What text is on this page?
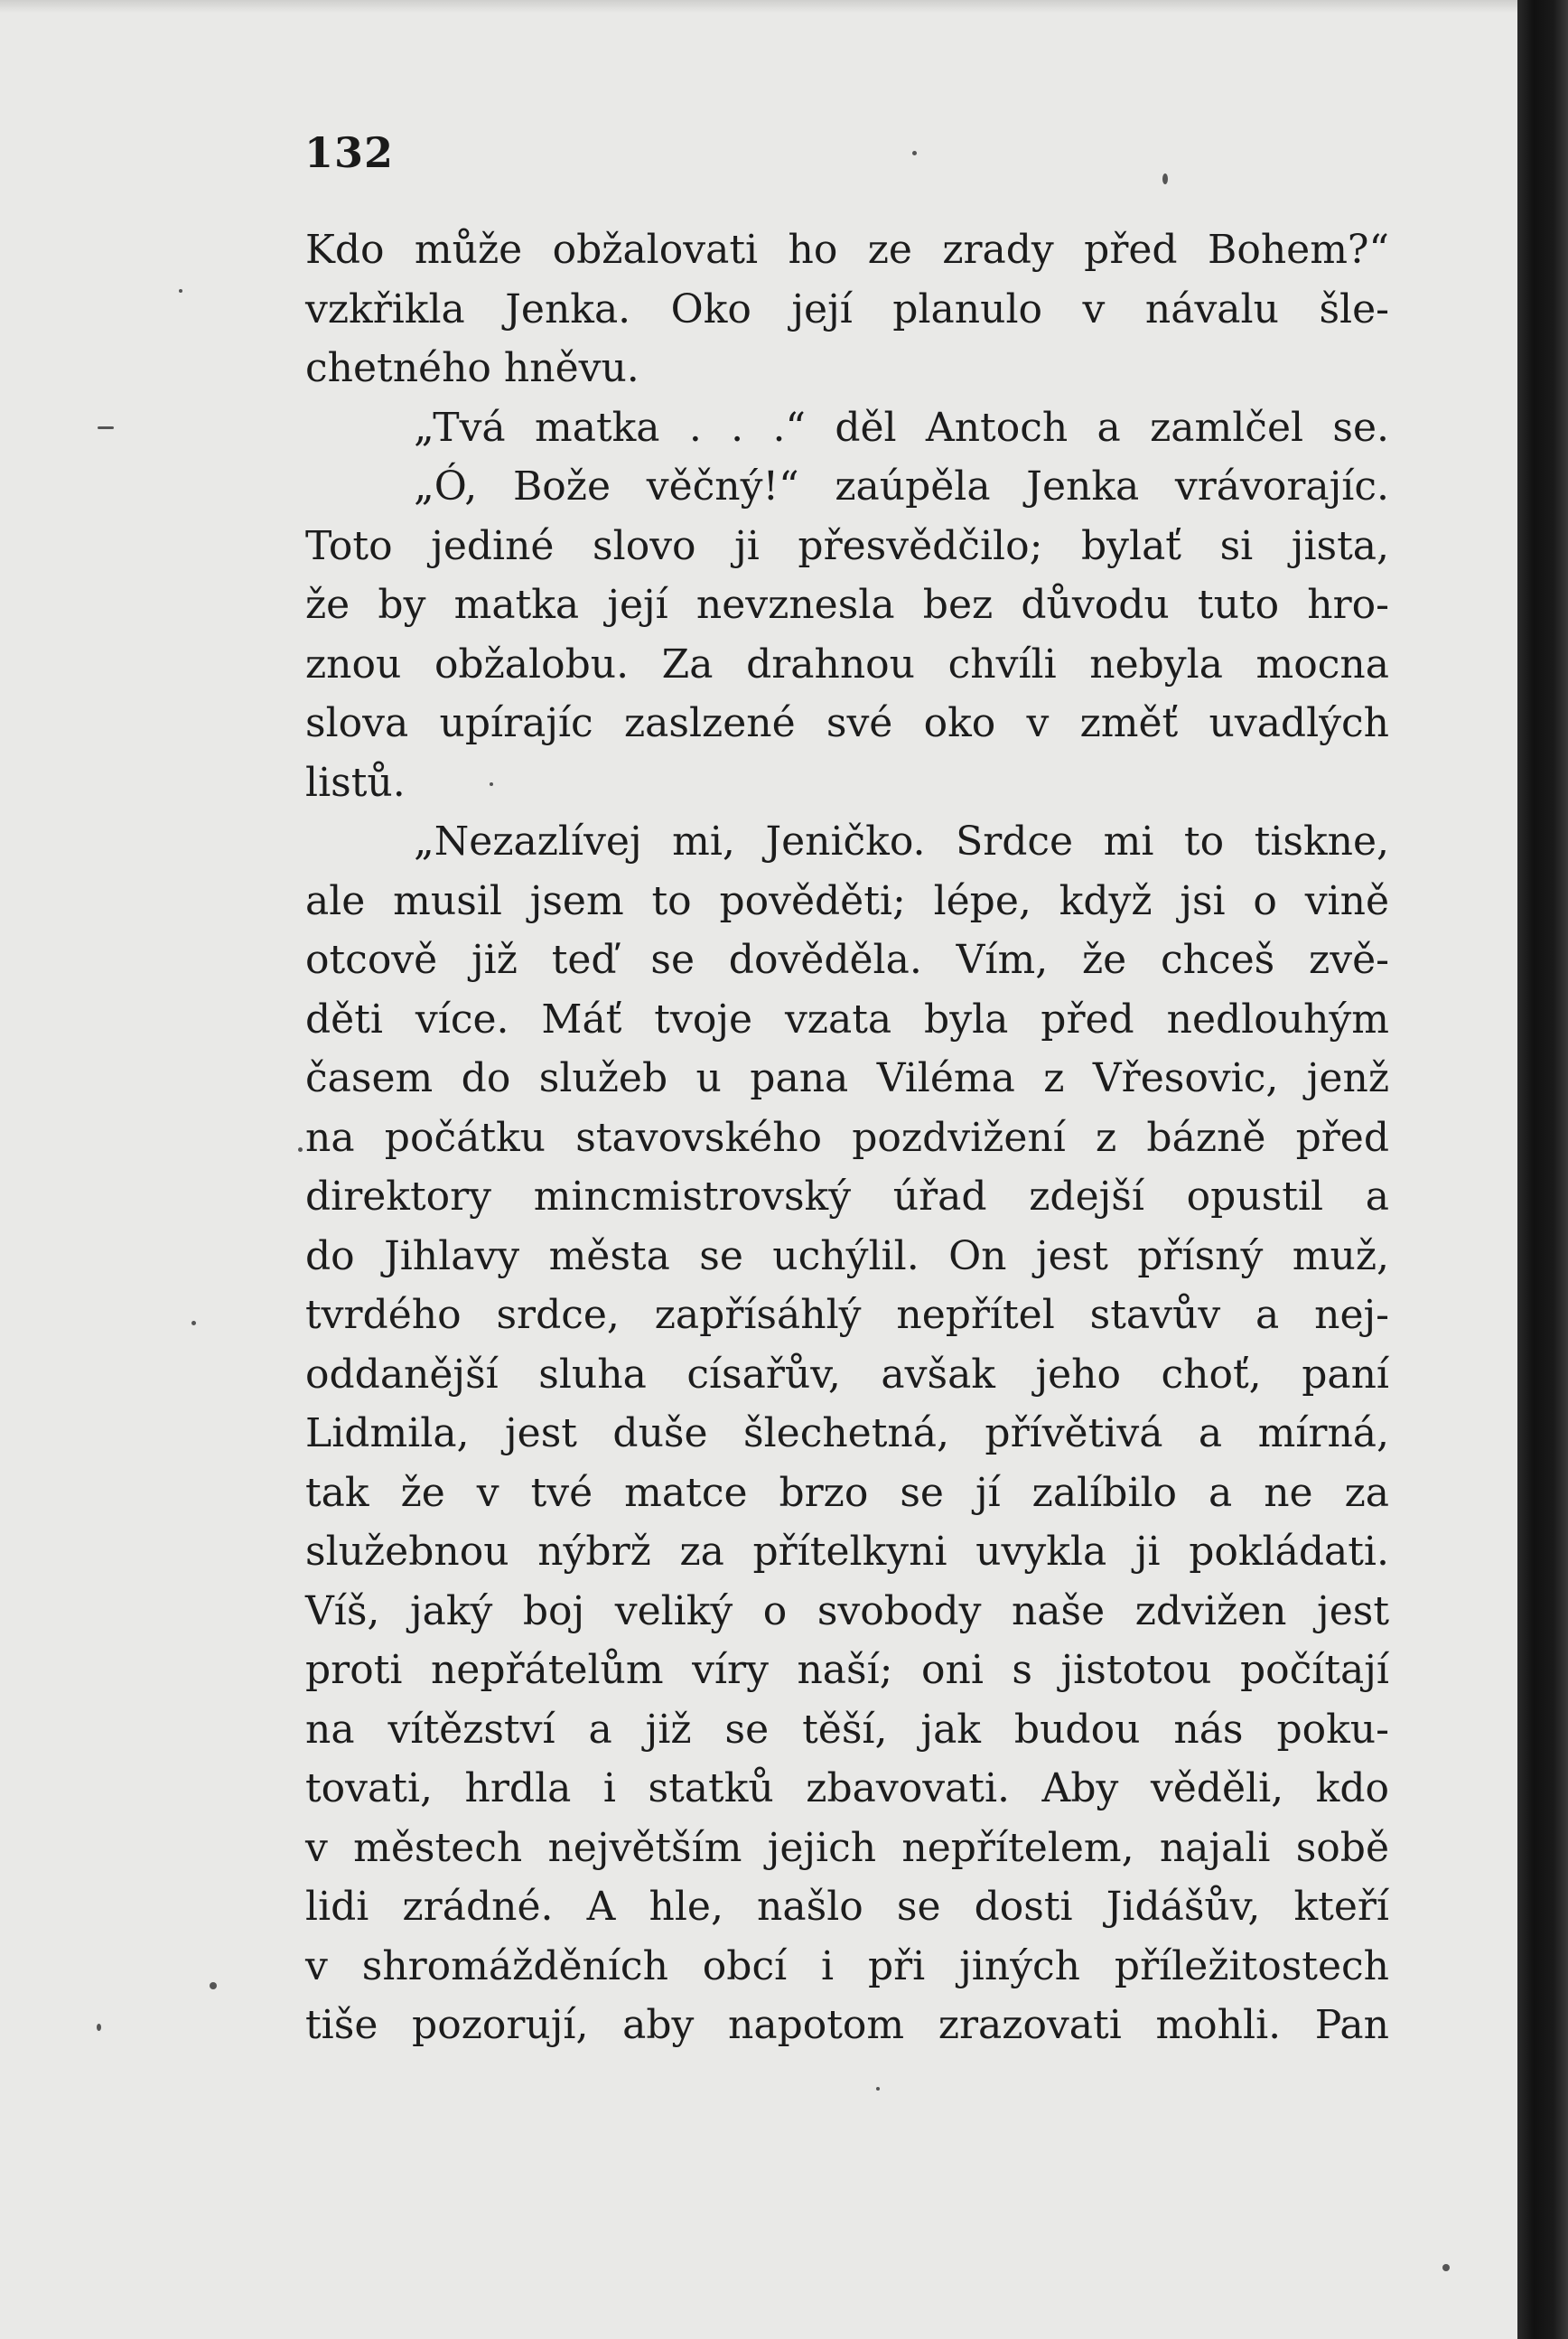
132
Kdo může obžalovati ho ze zrady před Bohem?“
vzkřikla Jenka. Oko její planulo v návalu šle-
chetného hněvu.
„Tvá matka . . .“ děl Antoch a zamlčel se.
„Ó, Bože věčný!“ zaúpěla Jenka vrávorajíc.
Toto jediné slovo ji přesvědčilo; bylať si jista,
že by matka její nevznesla bez důvodu tuto hro-
znou obžalobu. Za drahnou chvíli nebyla mocna
slova upírajíc zaslzené své oko v změť uvadlých
listů.
„Nezazlívej mi, Jeničko. Srdce mi to tiskne,
ale musil jsem to pověděti; lépe, když jsi o vině
otcově již teď se dověděla. Vím, že chceš zvě-
děti více. Máť tvoje vzata byla před nedlouhým
časem do služeb u pana Viléma z Vřesovic, jenž
na počátku stavovského pozdvižení z bázně před
direktory mincmistrovský úřad zdejší opustil a
do Jihlavy města se uchýlil. On jest přísný muž,
tvrdého srdce, zapřísáhlý nepřítel stavův a nej-
oddanější sluha císařův, avšak jeho choť, paní
Lidmila, jest duše šlechetná, přívětivá a mírná,
tak že v tvé matce brzo se jí zalíbilo a ne za
služebnou nýbrž za přítelkyni uvykla ji pokládati.
Víš, jaký boj veliký o svobody naše zdvižen jest
proti nepřátelům víry naší; oni s jistotou počítají
na vítězství a již se těší, jak budou nás poku-
tovati, hrdla i statků zbavovati. Aby věděli, kdo
v městech největším jejich nepřítelem, najali sobě
lidi zrádné. A hle, našlo se dosti Jidášův, kteří
v shromážděních obcí i při jiných příležitostech
tiše pozorují, aby napotom zrazovati mohli. Pan
